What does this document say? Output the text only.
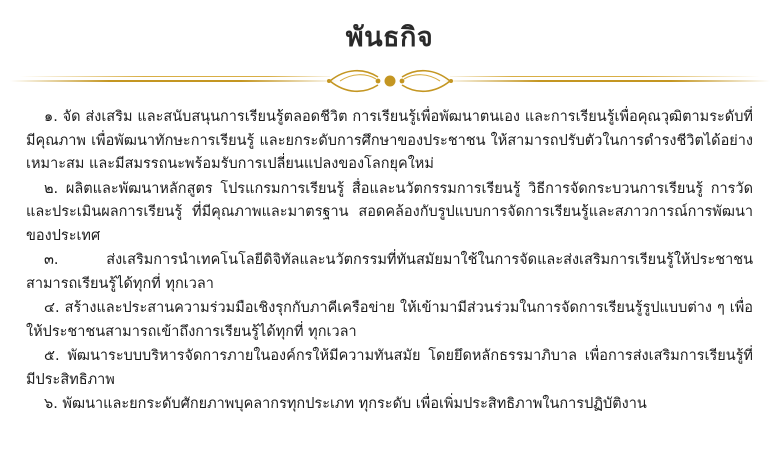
พันธกิจ

๑. จัด ส่งเสริม และสนับสนุนการเรียนรู้ตลอดชีวิต การเรียนรู้เพื่อพัฒนาตนเอง และการเรียนรู้เพื่อคุณวุฒิตามระดับที่มีคุณภาพ เพื่อพัฒนาทักษะการเรียนรู้ และยกระดับการศึกษาของประชาชน ให้สามารถปรับตัวในการดำรงชีวิตได้อย่างเหมาะสม และมีสมรรถนะพร้อมรับการเปลี่ยนแปลงของโลกยุคใหม่

๒. ผลิตและพัฒนาหลักสูตร โปรแกรมการเรียนรู้ สื่อและนวัตกรรมการเรียนรู้ วิธีการจัดกระบวนการเรียนรู้ การวัดและประเมินผลการเรียนรู้ ที่มีคุณภาพและมาตรฐาน สอดคล้องกับรูปแบบการจัดการเรียนรู้และสภาวการณ์การพัฒนาของประเทศ

๓. ส่งเสริมการนำเทคโนโลยีดิจิทัลและนวัตกรรมที่ทันสมัยมาใช้ในการจัดและส่งเสริมการเรียนรู้ให้ประชาชนสามารถเรียนรู้ได้ทุกที่ ทุกเวลา

๔. สร้างและประสานความร่วมมือเชิงรุกกับภาคีเครือข่าย ให้เข้ามามีส่วนร่วมในการจัดการเรียนรู้รูปแบบต่าง ๆ เพื่อให้ประชาชนสามารถเข้าถึงการเรียนรู้ได้ทุกที่ ทุกเวลา

๕. พัฒนาระบบบริหารจัดการภายในองค์กรให้มีความทันสมัย โดยยึดหลักธรรมาภิบาล เพื่อการส่งเสริมการเรียนรู้ที่มีประสิทธิภาพ

๖. พัฒนาและยกระดับศักยภาพบุคลากรทุกประเภท ทุกระดับ เพื่อเพิ่มประสิทธิภาพในการปฏิบัติงาน
